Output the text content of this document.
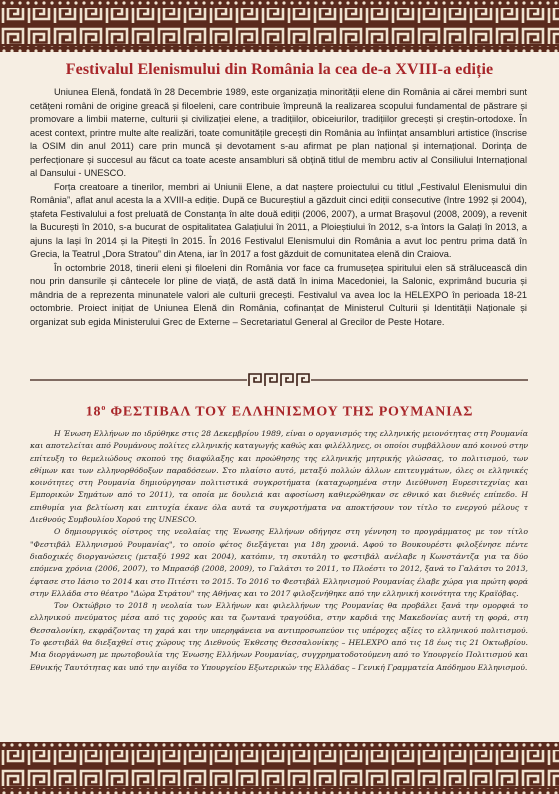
Festivalul Elenismului din România la cea de-a XVIII-a ediție

Uniunea Elenă, fondată în 28 Decembrie 1989, este organizația minorității elene din România ai cărei membri sunt cetățeni români de origine greacă și filoeleni, care contribuie împreună la realizarea scopului fundamental de păstrare și promovare a limbii materne, culturii și civilizației elene, a tradițiilor, obiceiurilor, tradițiilor grecești și creștin-ortodoxe. În acest context, printre multe alte realizări, toate comunitățile grecești din România au înființat ansambluri artistice (înscrise la OSIM din anul 2011) care prin muncă și devotament s-au afirmat pe plan național și internațional. Dorința de perfecționare și succesul au făcut ca toate aceste ansambluri să obțină titlul de membru activ al Consiliului Internațional al Dansului - UNESCO.

Forța creatoare a tinerilor, membri ai Uniunii Elene, a dat naștere proiectului cu titlul „Festivalul Elenismului din România”, aflat anul acesta la a XVIII-a ediție. După ce Bucureștiul a găzduit cinci ediții consecutive (între 1992 și 2004), ștafeta Festivalului a fost preluată de Constanța în alte două ediții (2006, 2007), a urmat Brașovul (2008, 2009), a revenit la București în 2010, s-a bucurat de ospitalitatea Galațiului în 2011, a Ploieștiului în 2012, s-a întors la Galați în 2013, a ajuns la Iași în 2014 și la Pitești în 2015. În 2016 Festivalul Elenismului din România a avut loc pentru prima dată în Grecia, la Teatrul „Dora Stratou” din Atena, iar în 2017 a fost găzduit de comunitatea elenă din Craiova.

În octombrie 2018, tinerii eleni și filoeleni din România vor face ca frumusețea spiritului elen să strălucească din nou prin dansurile și cântecele lor pline de viață, de astă dată în inima Macedoniei, la Salonic, exprimând bucuria și mândria de a reprezenta minunatele valori ale culturii grecești. Festivalul va avea loc la HELEXPO în perioada 18-21 octombrie. Proiect inițiat de Uniunea Elenă din România, cofinanțat de Ministerul Culturii și Identității Naționale și organizat sub egida Ministerului Grec de Externe – Secretariatul General al Grecilor de Peste Hotare.

$18^o$ ΦΕΣΤΙΒΑΛ ΤΟΥ ΕΛΛΗΝΙΣΜΟΥ ΤΗΣ ΡΟΥΜΑΝΙΑΣ

Η Ένωση Ελλήνων πο ιδρύθηκε στις 28 Δεκεμβρίου 1989, είναι ο οργανισμός της ελληνικής μειονότητας στη Ρουμανία και αποτελείται από Ρουμάνους πολίτες ελληνικής καταγωγής καθώς και φιλέλληνες, οι οποίοι συμβάλλουν από κοινού στην επίτευξη το θεμελιώδους σκοπού της διαφύλαξης και προώθησης της ελληνικής μητρικής γλώσσας, το πολιτισμού, των εθίμων και των ελληνορθόδοξων παραδόσεων. Στο πλαίσιο αυτό, μεταξύ πολλών άλλων επιτευγμάτων, όλες οι ελληνικές κοινότητες στη Ρουμανία δημιούργησαν πολιτιστικά συγκροτήματα (καταχωρημένα στην Διεύθυνση Ευρεσιτεχνίας και Εμπορικών Σημάτων από το 2011), τα οποία με δουλειά και αφοσίωση καθιερώθηκαν σε εθνικό και διεθνές επίπεδο. Η επιθυμία για βελτίωση και επιτυχία έκανε όλα αυτά τα συγκροτήματα να αποκτήσουν τον τίτλο το ενεργού μέλους τ Διεθνούς Συμβουλίου Χορού της UNESCO.

Ο δημιουργικός οίστρος της νεολαίας της Ένωσης Ελλήνων οδήγησε στη γέννηση το προγράμματος με τον τίτλο "Φεστιβάλ Ελληνισμού Ρουμανίας", το οποίο φέτος διεξάγεται για 18η χρονιά. Αφού το Βουκουρέστι φιλοξένησε πέντε διαδοχικές διοργανώσεις (μεταξύ 1992 και 2004), κατόπιν, τη σκυτάλη το φεστιβάλ ανέλαβε η Κωνστάντζα για τα δύο επόμενα χρόνια (2006, 2007), το Μπρασόβ (2008, 2009), το Γαλάτσι το 2011, το Πλοέστι το 2012, ξανά το Γαλάτσι το 2013, έφτασε στο Ιάσιο το 2014 και στο Πιτέστι το 2015. Το 2016 το Φεστιβάλ Ελληνισμού Ρουμανίας έλαβε χώρα για πρώτη φορά στην Ελλάδα στο θέατρο "Δώρα Στράτου" της Αθήνας και το 2017 φιλοξενήθηκε από την ελληνική κοινότητα της Κραϊόβας.

Τον Οκτώβριο το 2018 η νεολαία των Ελλήνων και φιλελλήνων της Ρουμανίας θα προβάλει ξανά την ομορφιά το ελληνικού πνεύματος μέσα από τις χορούς και τα ζωντανά τραγούδια, στην καρδιά της Μακεδονίας αυτή τη φορά, στη Θεσσαλονίκη, εκφράζοντας τη χαρά και την υπερηφάνεια να αντιπροσωπεύον τις υπέροχες αξίες το ελληνικού πολιτισμού. Το φεστιβάλ θα διεξαχθεί στις χώρους της Διεθνούς Έκθεσης Θεσσαλονίκης – HELEXPO από τις 18 έως τις 21 Οκτωβρίου. Μια διοργάνωση με πρωτοβουλία της Ένωσης Ελλήνων Ρουμανίας, συγχρηματοδοτούμενη από το Υπουργείο Πολιτισμού και Εθνικής Ταυτότητας και υπό την αιγίδα το Υπουργείου Εξωτερικών της Ελλάδας – Γενική Γραμματεία Απόδημου Ελληνισμού.
